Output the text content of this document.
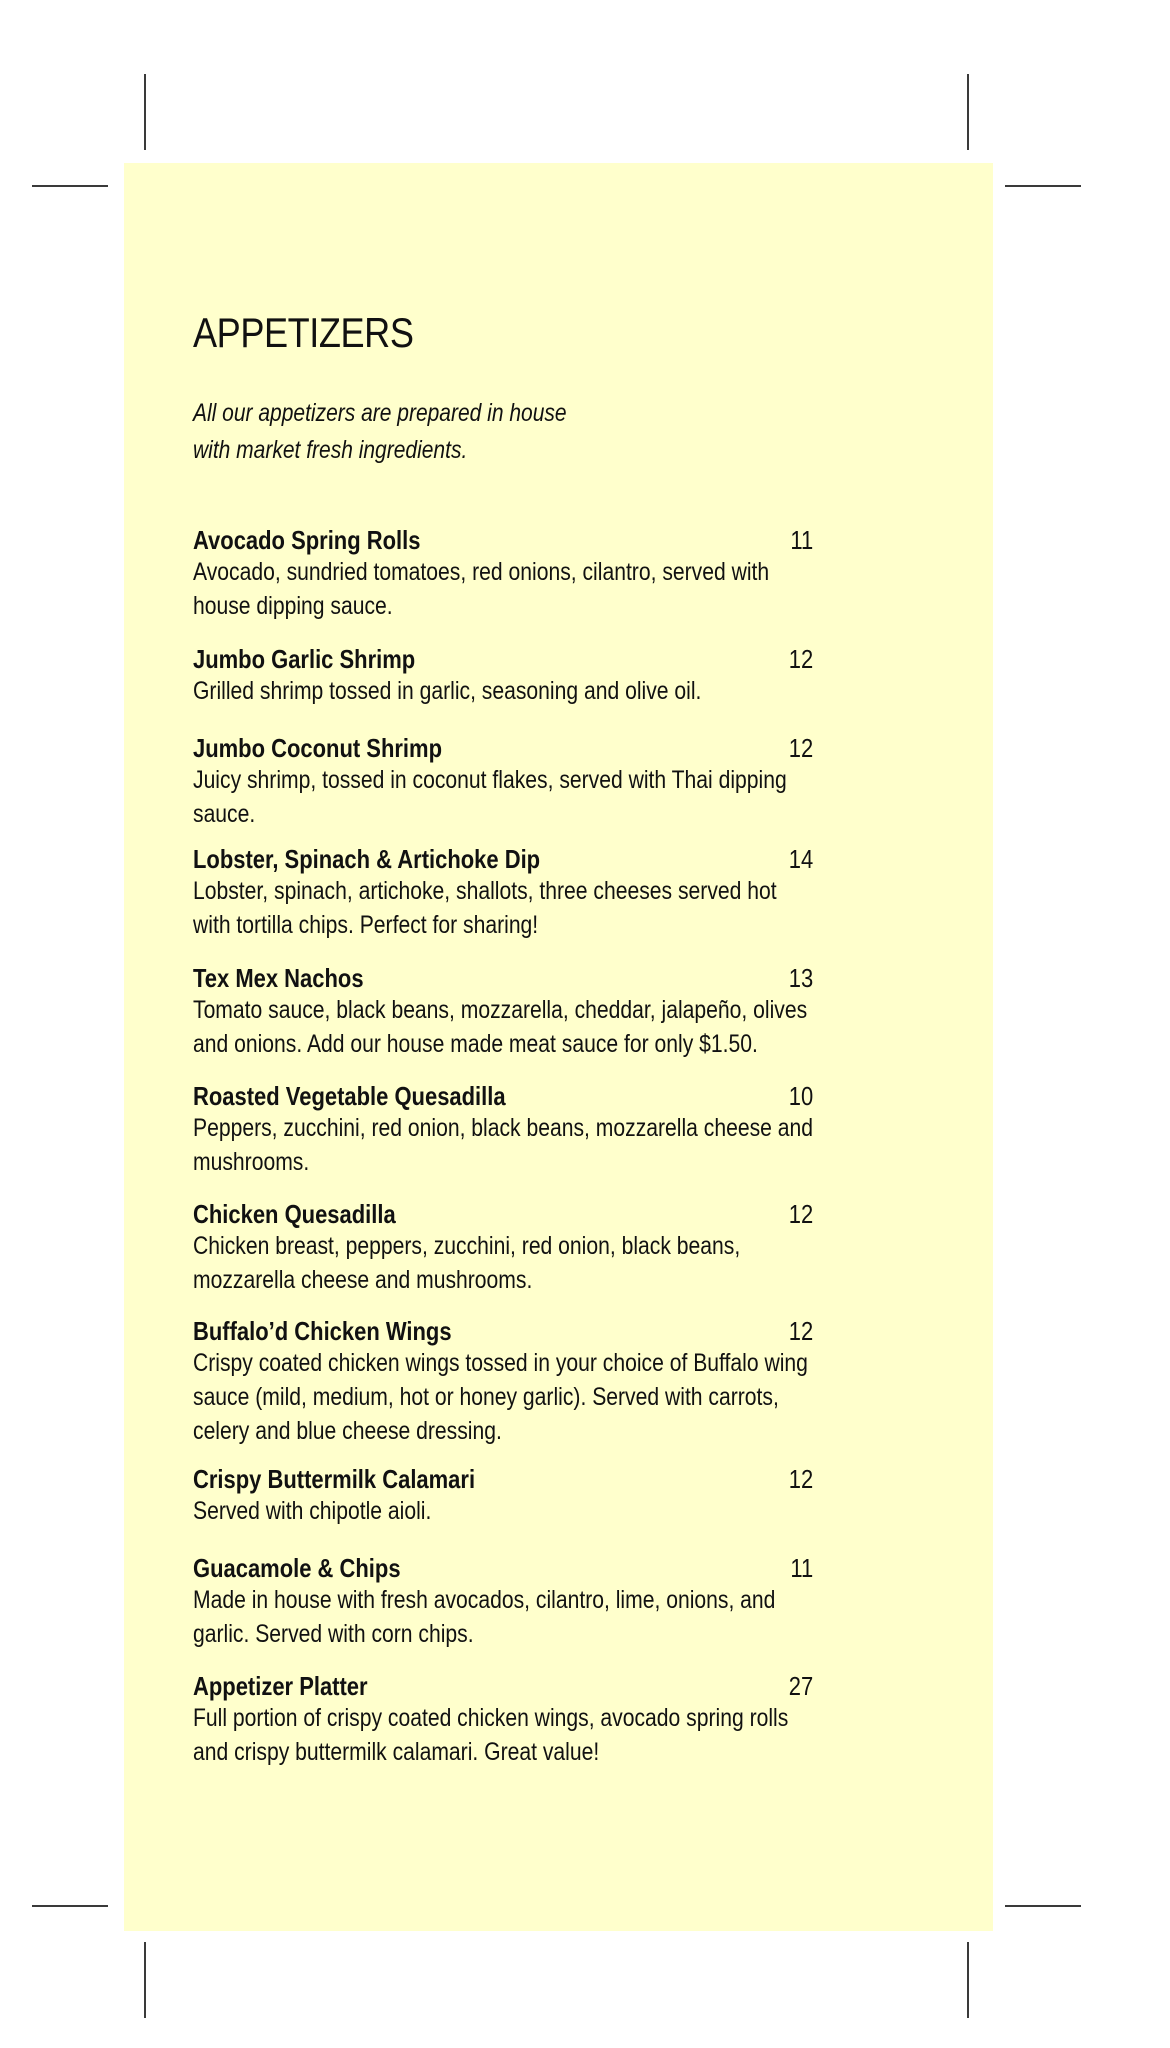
APPETIZERS

All our appetizers are prepared in house with market fresh ingredients.

Avocado Spring Rolls	11
Avocado, sundried tomatoes, red onions, cilantro, served with house dipping sauce.
Jumbo Garlic Shrimp	12
Grilled shrimp tossed in garlic, seasoning and olive oil.
Jumbo Coconut Shrimp	12
Juicy shrimp, tossed in coconut flakes, served with Thai dipping sauce.
Lobster, Spinach & Artichoke Dip	14
Lobster, spinach, artichoke, shallots, three cheeses served hot with tortilla chips. Perfect for sharing!
Tex Mex Nachos	13
Tomato sauce, black beans, mozzarella, cheddar, jalapeño, olives and onions. Add our house made meat sauce for only $1.50.
Roasted Vegetable Quesadilla	10
Peppers, zucchini, red onion, black beans, mozzarella cheese and mushrooms.
Chicken Quesadilla	12
Chicken breast, peppers, zucchini, red onion, black beans, mozzarella cheese and mushrooms.
Buffalo’d Chicken Wings	12
Crispy coated chicken wings tossed in your choice of Buffalo wing sauce (mild, medium, hot or honey garlic). Served with carrots, celery and blue cheese dressing.
Crispy Buttermilk Calamari	12
Served with chipotle aioli.
Guacamole & Chips	11
Made in house with fresh avocados, cilantro, lime, onions, and garlic. Served with corn chips.
Appetizer Platter	27
Full portion of crispy coated chicken wings, avocado spring rolls and crispy buttermilk calamari. Great value!
